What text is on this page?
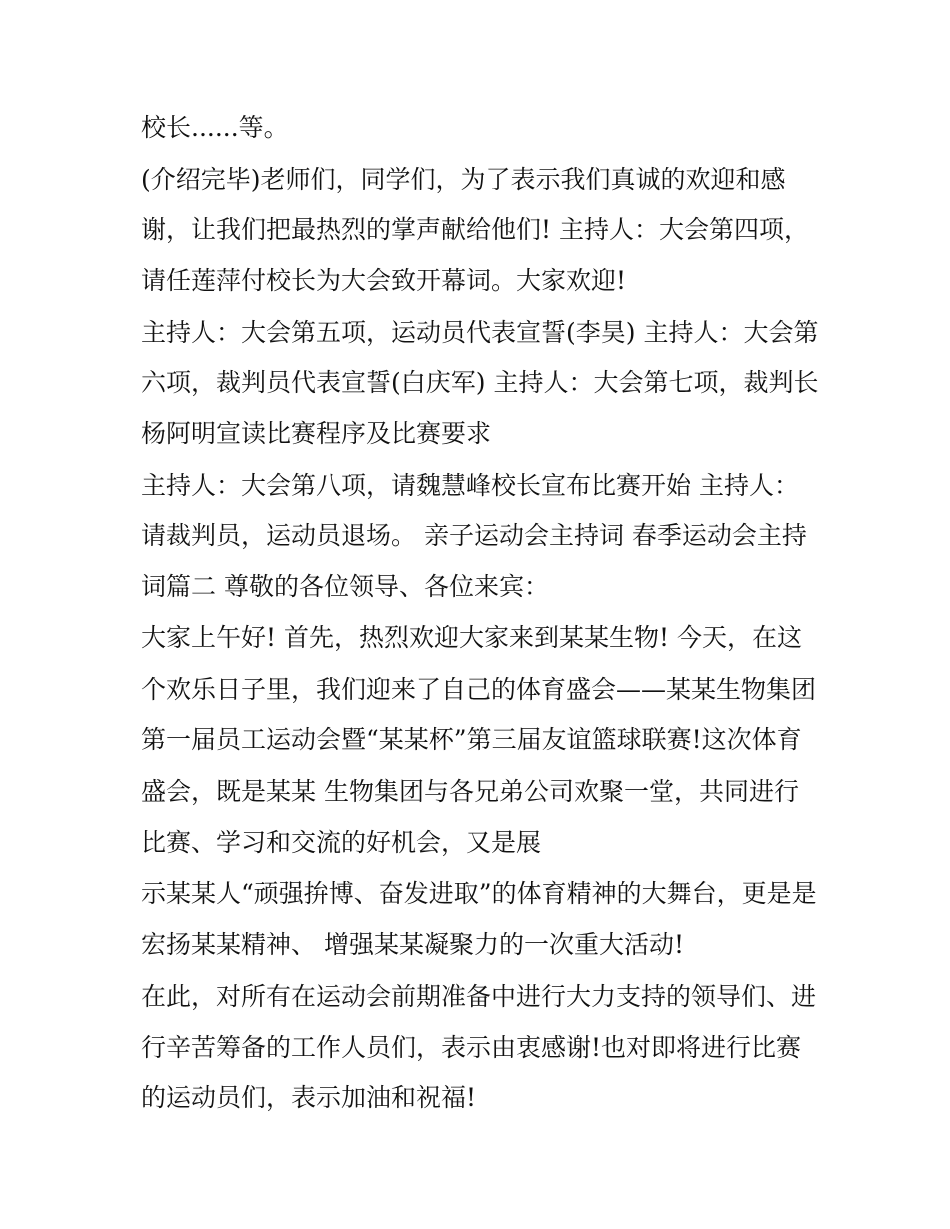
校长......等。
(介绍完毕)老师们，同学们，为了表示我们真诚的欢迎和感
谢，让我们把最热烈的掌声献给他们! 主持人：大会第四项，
请任莲萍付校长为大会致开幕词。大家欢迎!
主持人：大会第五项，运动员代表宣誓(李昊) 主持人：大会第
六项，裁判员代表宣誓(白庆军) 主持人：大会第七项，裁判长
杨阿明宣读比赛程序及比赛要求
主持人：大会第八项，请魏慧峰校长宣布比赛开始 主持人：
请裁判员，运动员退场。 亲子运动会主持词 春季运动会主持
词篇二 尊敬的各位领导、各位来宾：
大家上午好! 首先，热烈欢迎大家来到某某生物! 今天，在这
个欢乐日子里，我们迎来了自己的体育盛会——某某生物集团
第一届员工运动会暨“某某杯”第三届友谊篮球联赛!这次体育
盛会，既是某某 生物集团与各兄弟公司欢聚一堂，共同进行
比赛、学习和交流的好机会，又是展
示某某人“顽强拚博、奋发进取”的体育精神的大舞台，更是是
宏扬某某精神、 增强某某凝聚力的一次重大活动!
在此，对所有在运动会前期准备中进行大力支持的领导们、进
行辛苦筹备的工作人员们，表示由衷感谢!也对即将进行比赛
的运动员们，表示加油和祝福!
